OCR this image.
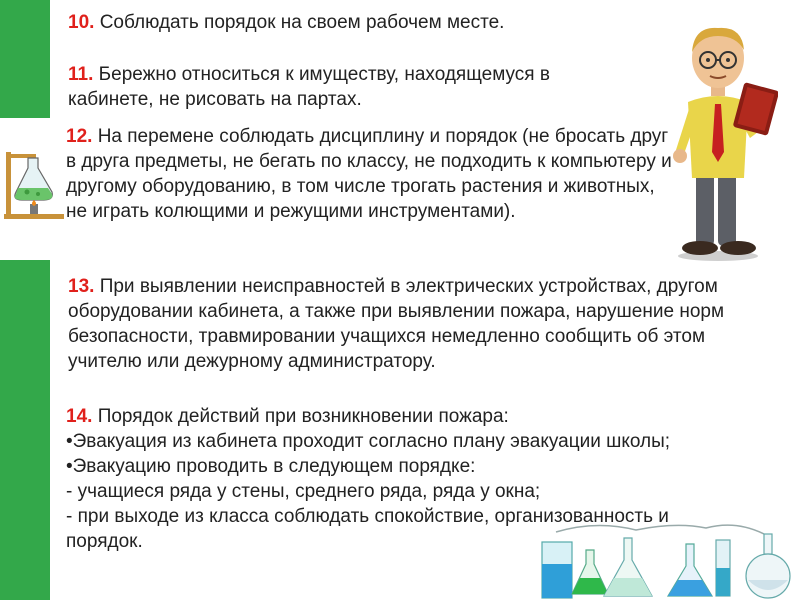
10. Соблюдать порядок на своем рабочем месте.

11. Бережно относиться к имуществу, находящемуся в кабинете, не рисовать на партах.

12. На перемене соблюдать дисциплину и порядок (не бросать друг в друга предметы, не бегать по классу, не подходить к компьютеру и другому оборудованию, в том числе трогать растения и животных, не играть колющими и режущими инструментами).

13. При выявлении неисправностей в электрических устройствах, другом оборудовании кабинета, а также при выявлении пожара, нарушение норм безопасности, травмировании учащихся немедленно сообщить об этом учителю или дежурному администратору.

14. Порядок действий при возникновении пожара:

•Эвакуация из кабинета проходит согласно плану эвакуации школы;

•Эвакуацию проводить в следующем порядке:

- учащиеся ряда у стены, среднего ряда, ряда у окна;

- при выходе из класса соблюдать спокойствие, организованность и порядок.
